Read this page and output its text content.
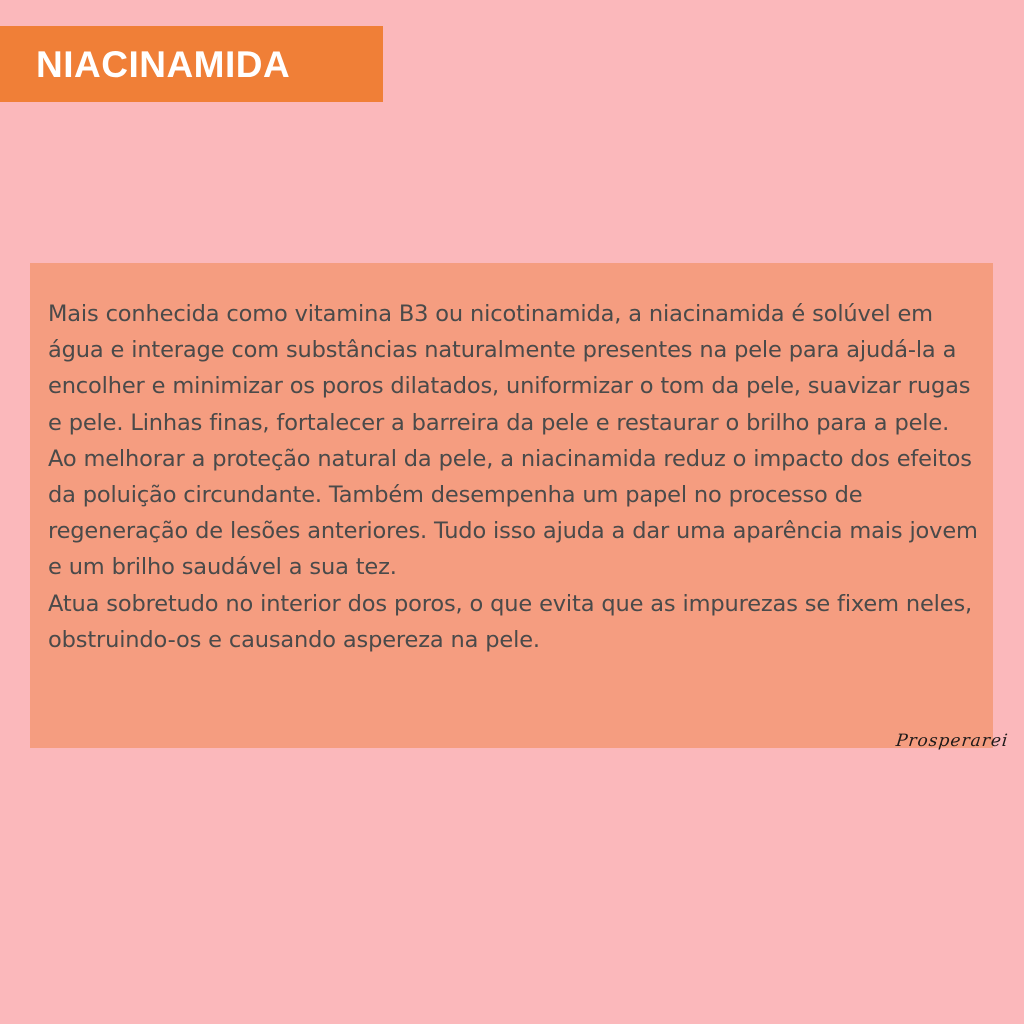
NIACINAMIDA

Mais conhecida como vitamina B3 ou nicotinamida, a niacinamida é solúvel em água e interage com substâncias naturalmente presentes na pele para ajudá-la a encolher e minimizar os poros dilatados, uniformizar o tom da pele, suavizar rugas e pele. Linhas finas, fortalecer a barreira da pele e restaurar o brilho para a pele.

Ao melhorar a proteção natural da pele, a niacinamida reduz o impacto dos efeitos da poluição circundante. Também desempenha um papel no processo de regeneração de lesões anteriores. Tudo isso ajuda a dar uma aparência mais jovem e um brilho saudável a sua tez.

Atua sobretudo no interior dos poros, o que evita que as impurezas se fixem neles, obstruindo-os e causando aspereza na pele.

Prosperarei
